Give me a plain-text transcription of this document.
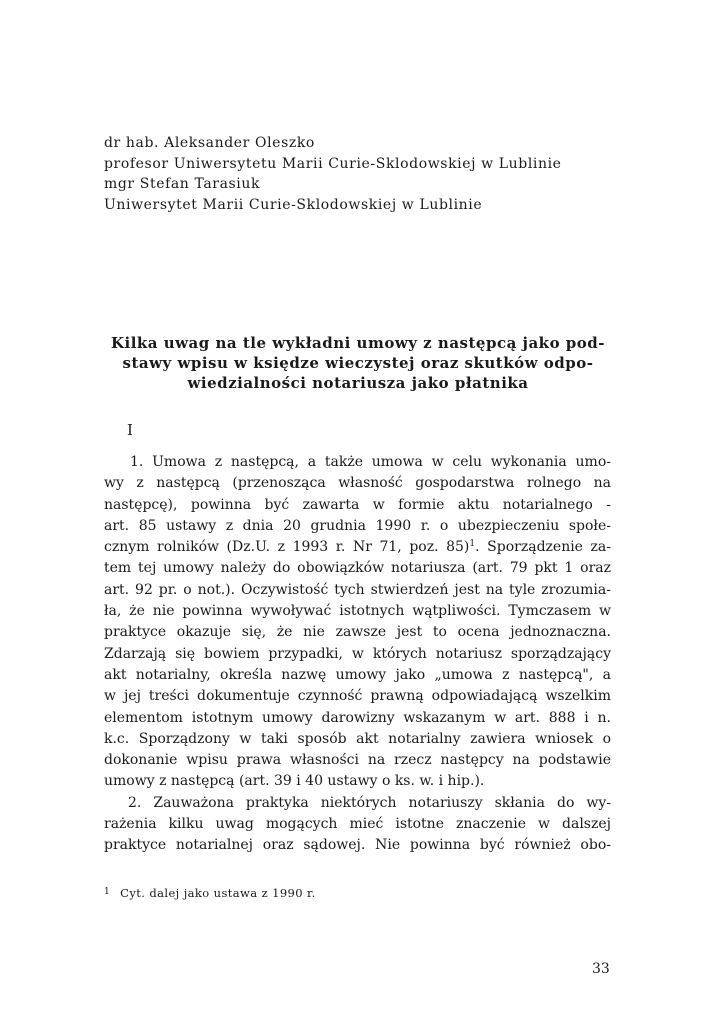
dr hab. Aleksander Oleszko
profesor Uniwersytetu Marii Curie-Sklodowskiej w Lublinie
mgr Stefan Tarasiuk
Uniwersytet Marii Curie-Sklodowskiej w Lublinie
Kilka uwag na tle wykładni umowy z następcą jako pod-
stawy wpisu w księdze wieczystej oraz skutków odpo-
wiedzialności notariusza jako płatnika
I
1. Umowa z następcą, a także umowa w celu wykonania umo-
wy z następcą (przenosząca własność gospodarstwa rolnego na
następcę), powinna być zawarta w formie aktu notarialnego -
art. 85 ustawy z dnia 20 grudnia 1990 r. o ubezpieczeniu społe-
cznym rolników (Dz.U. z 1993 r. Nr 71, poz. 85)$^1$. Sporządzenie za-
tem tej umowy należy do obowiązków notariusza (art. 79 pkt 1 oraz
art. 92 pr. o not.). Oczywistość tych stwierdzeń jest na tyle zrozumia-
ła, że nie powinna wywoływać istotnych wątpliwości. Tymczasem w
praktyce okazuje się, że nie zawsze jest to ocena jednoznaczna.
Zdarzają się bowiem przypadki, w których notariusz sporządzający
akt notarialny, określa nazwę umowy jako „umowa z następcą", a
w jej treści dokumentuje czynność prawną odpowiadającą wszelkim
elementom istotnym umowy darowizny wskazanym w art. 888 i n.
k.c. Sporządzony w taki sposób akt notarialny zawiera wniosek o
dokonanie wpisu prawa własności na rzecz następcy na podstawie
umowy z następcą (art. 39 i 40 ustawy o ks. w. i hip.).
2. Zauważona praktyka niektórych notariuszy skłania do wy-
rażenia kilku uwag mogących mieć istotne znaczenie w dalszej
praktyce notarialnej oraz sądowej. Nie powinna być również obo-
$^1$ Cyt. dalej jako ustawa z 1990 r.
33
